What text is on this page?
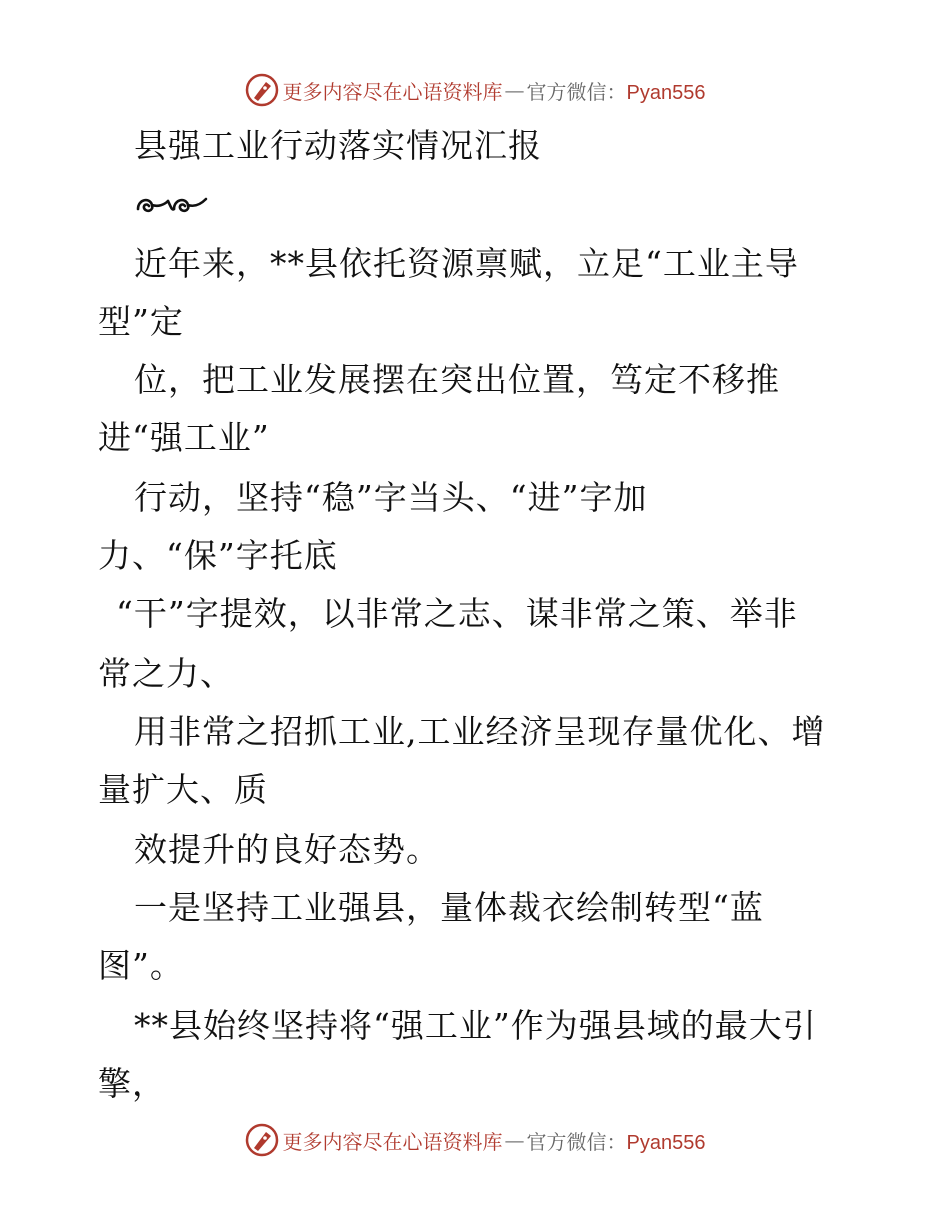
更多内容尽在心语资料库 — 官方微信：Pyan556
县强工业行动落实情况汇报
近年来，**县依托资源禀赋，立足“工业主导
型”定
位，把工业发展摆在突出位置，笃定不移推
进“强工业”
行动，坚持“稳”字当头、“进”字加
力、“保”字托底
“干”字提效，以非常之志、谋非常之策、举非
常之力、
用非常之招抓工业,工业经济呈现存量优化、增
量扩大、质
效提升的良好态势。
一是坚持工业强县，量体裁衣绘制转型“蓝
图”。
**县始终坚持将“强工业”作为强县域的最大引
擎，
更多内容尽在心语资料库 — 官方微信：Pyan556
